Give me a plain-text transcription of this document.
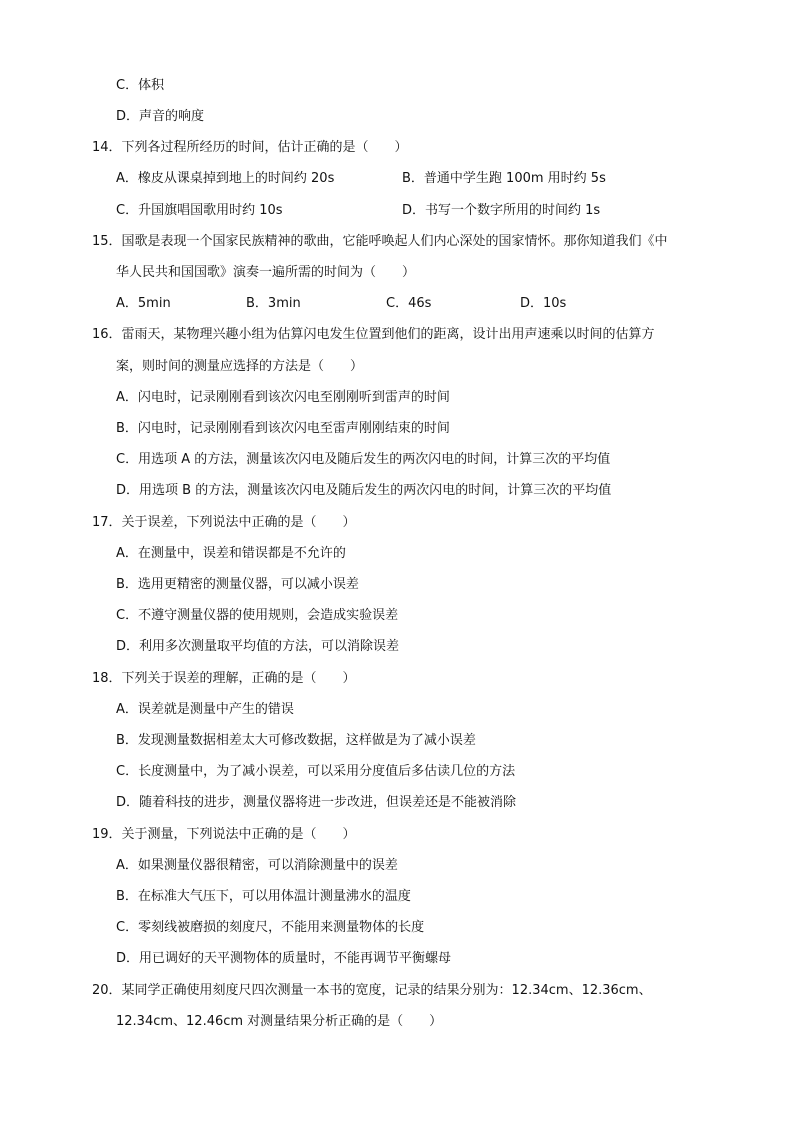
C．体积
D．声音的响度
14．下列各过程所经历的时间，估计正确的是（　　）
A．橡皮从课桌掉到地上的时间约 20s	B．普通中学生跑 100m 用时约 5s
C．升国旗唱国歌用时约 10s	D．书写一个数字所用的时间约 1s
15．国歌是表现一个国家民族精神的歌曲，它能呼唤起人们内心深处的国家情怀。那你知道我们《中
华人民共和国国歌》演奏一遍所需的时间为（　　）
A．5min	B．3min	C．46s	D．10s
16．雷雨天，某物理兴趣小组为估算闪电发生位置到他们的距离，设计出用声速乘以时间的估算方
案，则时间的测量应选择的方法是（　　）
A．闪电时，记录刚刚看到该次闪电至刚刚听到雷声的时间
B．闪电时，记录刚刚看到该次闪电至雷声刚刚结束的时间
C．用选项 A 的方法，测量该次闪电及随后发生的两次闪电的时间，计算三次的平均值
D．用选项 B 的方法，测量该次闪电及随后发生的两次闪电的时间，计算三次的平均值
17．关于误差，下列说法中正确的是（　　）
A．在测量中，误差和错误都是不允许的
B．选用更精密的测量仪器，可以减小误差
C．不遵守测量仪器的使用规则，会造成实验误差
D．利用多次测量取平均值的方法，可以消除误差
18．下列关于误差的理解，正确的是（　　）
A．误差就是测量中产生的错误
B．发现测量数据相差太大可修改数据，这样做是为了减小误差
C．长度测量中，为了减小误差，可以采用分度值后多估读几位的方法
D．随着科技的进步，测量仪器将进一步改进，但误差还是不能被消除
19．关于测量，下列说法中正确的是（　　）
A．如果测量仪器很精密，可以消除测量中的误差
B．在标准大气压下，可以用体温计测量沸水的温度
C．零刻线被磨损的刻度尺，不能用来测量物体的长度
D．用已调好的天平测物体的质量时，不能再调节平衡螺母
20．某同学正确使用刻度尺四次测量一本书的宽度，记录的结果分别为：12.34cm、12.36cm、
12.34cm、12.46cm 对测量结果分析正确的是（　　）
